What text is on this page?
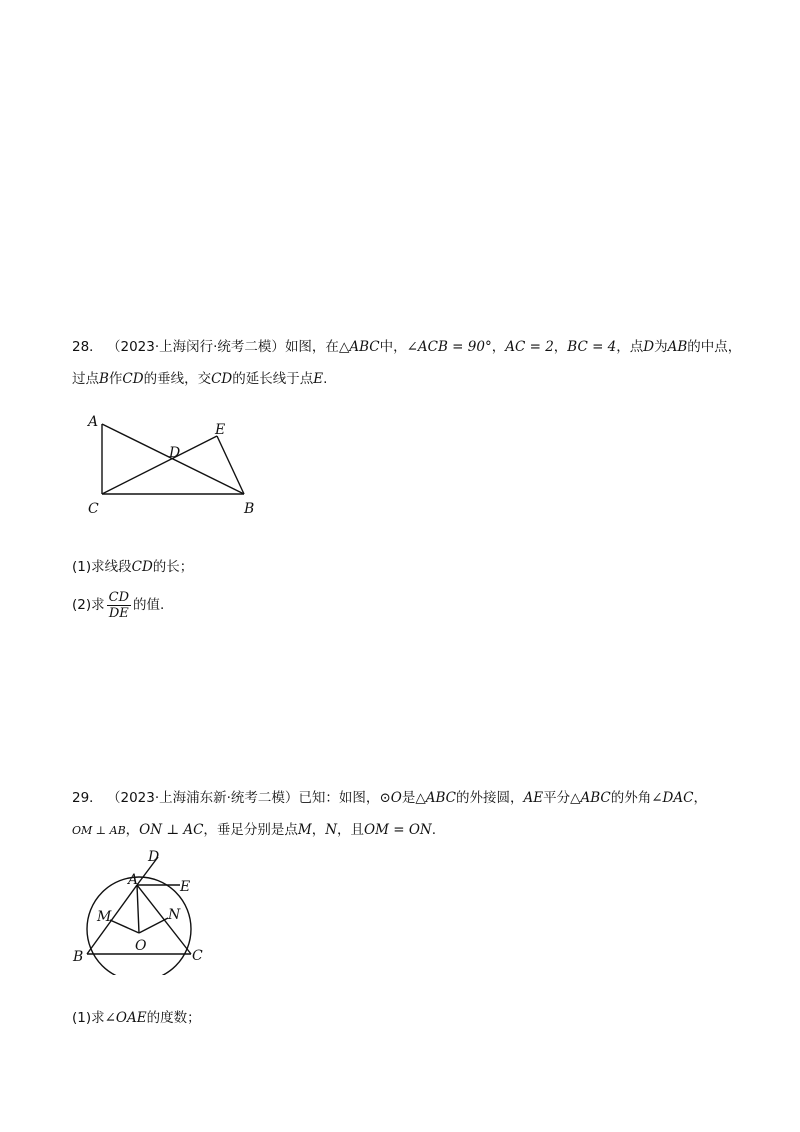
28． （2023·上海闵行·统考二模）如图，在△ABC中，∠ACB = 90°，AC = 2，BC = 4，点D为AB的中点，
过点B作CD的垂线，交CD的延长线于点E.
A
C	B
D
E
(1)求线段CD的长；
(2)求 $\frac{CD}{DE}$ 的值.
29． （2023·上海浦东新·统考二模）已知：如图，⊙O是△ABC的外接圆，AE平分△ABC的外角∠DAC，
OM ⊥ AB，ON ⊥ AC，垂足分别是点M，N，且OM = ON.
D
A	E
M	N
O
B	C
(1)求∠OAE的度数；
